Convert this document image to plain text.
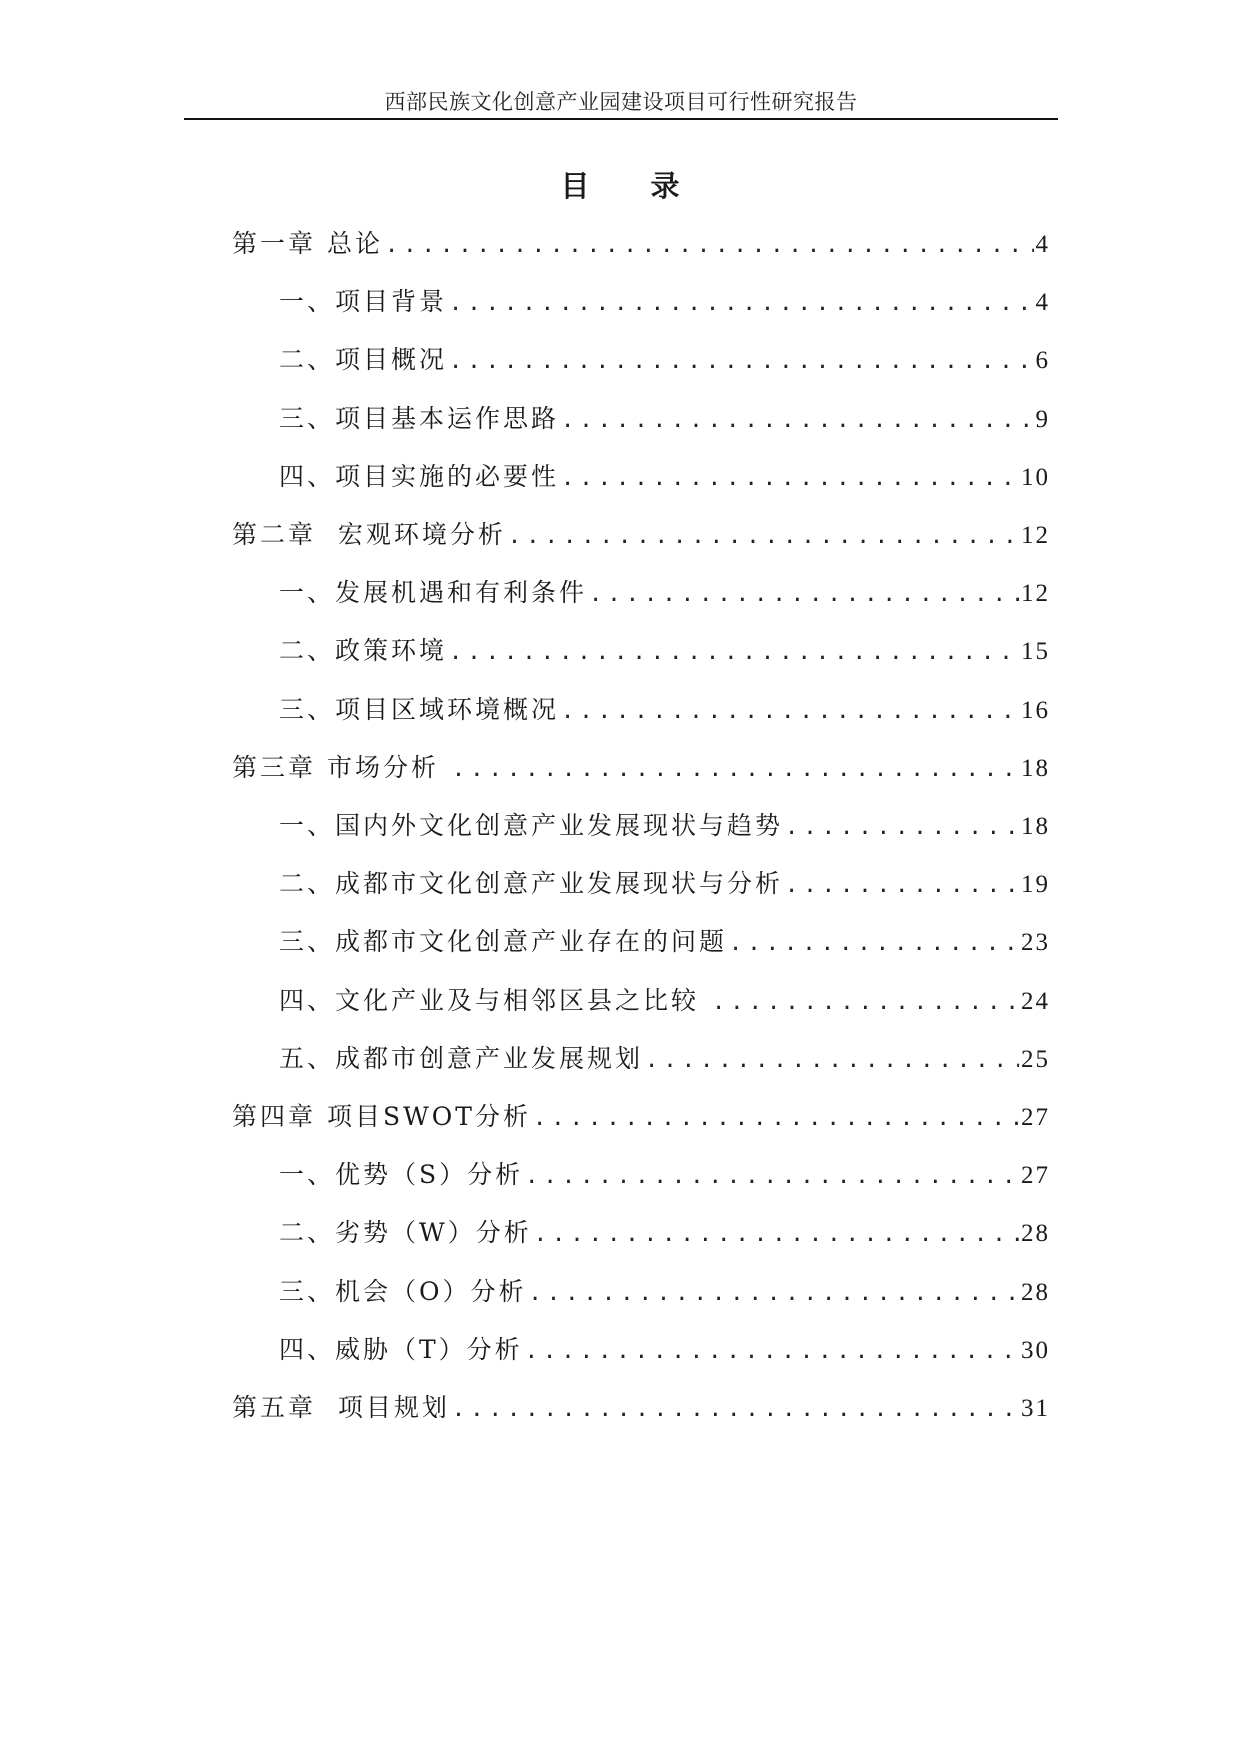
西部民族文化创意产业园建设项目可行性研究报告
目 录
第一章 总论 .....	4
一、项目背景 .....	4
二、项目概况 .....	6
三、项目基本运作思路 .....	9
四、项目实施的必要性 .....	10
第二章  宏观环境分析 .....	12
一、发展机遇和有利条件 .....	12
二、政策环境 .....	15
三、项目区域环境概况 .....	16
第三章 市场分析 .....	18
一、国内外文化创意产业发展现状与趋势 .....	18
二、成都市文化创意产业发展现状与分析 .....	19
三、成都市文化创意产业存在的问题 .....	23
四、文化产业及与相邻区县之比较 .....	24
五、成都市创意产业发展规划 .....	25
第四章 项目SWOT分析 .....	27
一、优势（S）分析 .....	27
二、劣势（W）分析 .....	28
三、机会（O）分析 .....	28
四、威胁（T）分析 .....	30
第五章  项目规划 .....	31
